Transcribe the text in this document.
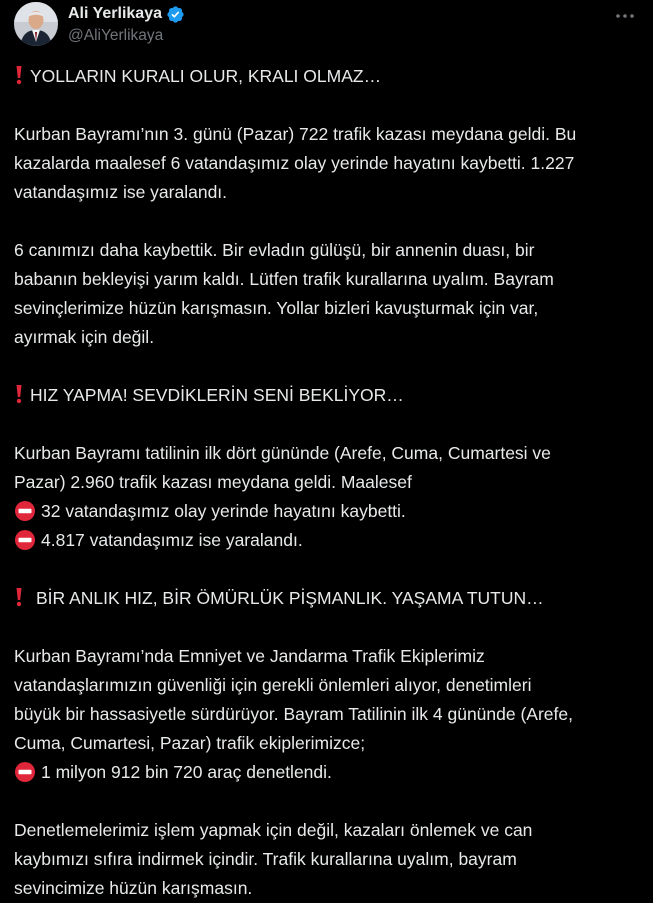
Ali Yerlikaya
@AliYerlikaya
YOLLARIN KURALI OLUR, KRALI OLMAZ…
Kurban Bayramı’nın 3. günü (Pazar) 722 trafik kazası meydana geldi. Bu
kazalarda maalesef 6 vatandaşımız olay yerinde hayatını kaybetti. 1.227
vatandaşımız ise yaralandı.
6 canımızı daha kaybettik. Bir evladın gülüşü, bir annenin duası, bir
babanın bekleyişi yarım kaldı. Lütfen trafik kurallarına uyalım. Bayram
sevinçlerimize hüzün karışmasın. Yollar bizleri kavuşturmak için var,
ayırmak için değil.
HIZ YAPMA! SEVDİKLERİN SENİ BEKLİYOR…
Kurban Bayramı tatilinin ilk dört gününde (Arefe, Cuma, Cumartesi ve
Pazar) 2.960 trafik kazası meydana geldi. Maalesef
32 vatandaşımız olay yerinde hayatını kaybetti.
4.817 vatandaşımız ise yaralandı.
BİR ANLIK HIZ, BİR ÖMÜRLÜK PİŞMANLIK. YAŞAMA TUTUN…
Kurban Bayramı’nda Emniyet ve Jandarma Trafik Ekiplerimiz
vatandaşlarımızın güvenliği için gerekli önlemleri alıyor, denetimleri
büyük bir hassasiyetle sürdürüyor. Bayram Tatilinin ilk 4 gününde (Arefe,
Cuma, Cumartesi, Pazar) trafik ekiplerimizce;
1 milyon 912 bin 720 araç denetlendi.
Denetlemelerimiz işlem yapmak için değil, kazaları önlemek ve can
kaybımızı sıfıra indirmek içindir. Trafik kurallarına uyalım, bayram
sevincimize hüzün karışmasın.
